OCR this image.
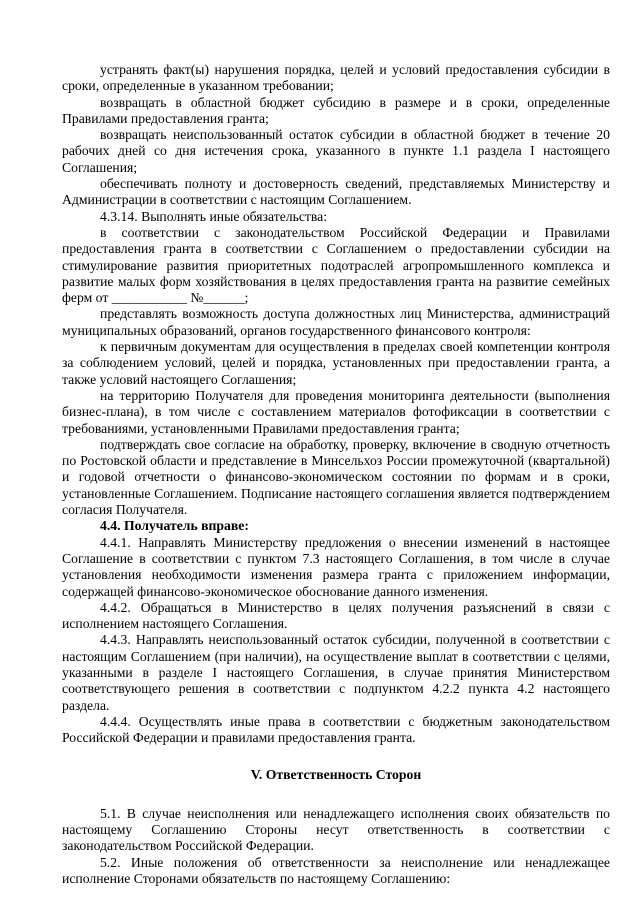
устранять факт(ы) нарушения порядка, целей и условий предоставления субсидии в сроки, определенные в указанном требовании;

возвращать в областной бюджет субсидию в размере и в сроки, определенные Правилами предоставления гранта;

возвращать неиспользованный остаток субсидии в областной бюджет в течение 20 рабочих дней со дня истечения срока, указанного в пункте 1.1 раздела I настоящего Соглашения;

обеспечивать полноту и достоверность сведений, представляемых Министерству и Администрации в соответствии с настоящим Соглашением.

4.3.14. Выполнять иные обязательства:

в соответствии с законодательством Российской Федерации и Правилами предоставления гранта в соответствии с Соглашением о предоставлении субсидии на стимулирование развития приоритетных подотраслей агропромышленного комплекса и развитие малых форм хозяйствования в целях предоставления гранта на развитие семейных ферм от ___________ №______;

представлять возможность доступа должностных лиц Министерства, администраций муниципальных образований, органов государственного финансового контроля:

к первичным документам для осуществления в пределах своей компетенции контроля за соблюдением условий, целей и порядка, установленных при предоставлении гранта, а также условий настоящего Соглашения;

на территорию Получателя для проведения мониторинга деятельности (выполнения бизнес-плана), в том числе с составлением материалов фотофиксации в соответствии с требованиями, установленными Правилами предоставления гранта;

подтверждать свое согласие на обработку, проверку, включение в сводную отчетность по Ростовской области и представление в Минсельхоз России промежуточной (квартальной) и годовой отчетности о финансово-экономическом состоянии по формам и в сроки, установленные Соглашением. Подписание настоящего соглашения является подтверждением согласия Получателя.

4.4. Получатель вправе:

4.4.1. Направлять Министерству предложения о внесении изменений в настоящее Соглашение в соответствии с пунктом 7.3 настоящего Соглашения, в том числе в случае установления необходимости изменения размера гранта с приложением информации, содержащей финансово-экономическое обоснование данного изменения.

4.4.2. Обращаться в Министерство в целях получения разъяснений в связи с исполнением настоящего Соглашения.

4.4.3. Направлять неиспользованный остаток субсидии, полученной в соответствии с настоящим Соглашением (при наличии), на осуществление выплат в соответствии с целями, указанными в разделе I настоящего Соглашения, в случае принятия Министерством соответствующего решения в соответствии с подпунктом 4.2.2 пункта 4.2 настоящего раздела.

4.4.4. Осуществлять иные права в соответствии с бюджетным законодательством Российской Федерации и правилами предоставления гранта.

V. Ответственность Сторон

5.1. В случае неисполнения или ненадлежащего исполнения своих обязательств по настоящему Соглашению Стороны несут ответственность в соответствии с законодательством Российской Федерации.

5.2. Иные положения об ответственности за неисполнение или ненадлежащее исполнение Сторонами обязательств по настоящему Соглашению:
